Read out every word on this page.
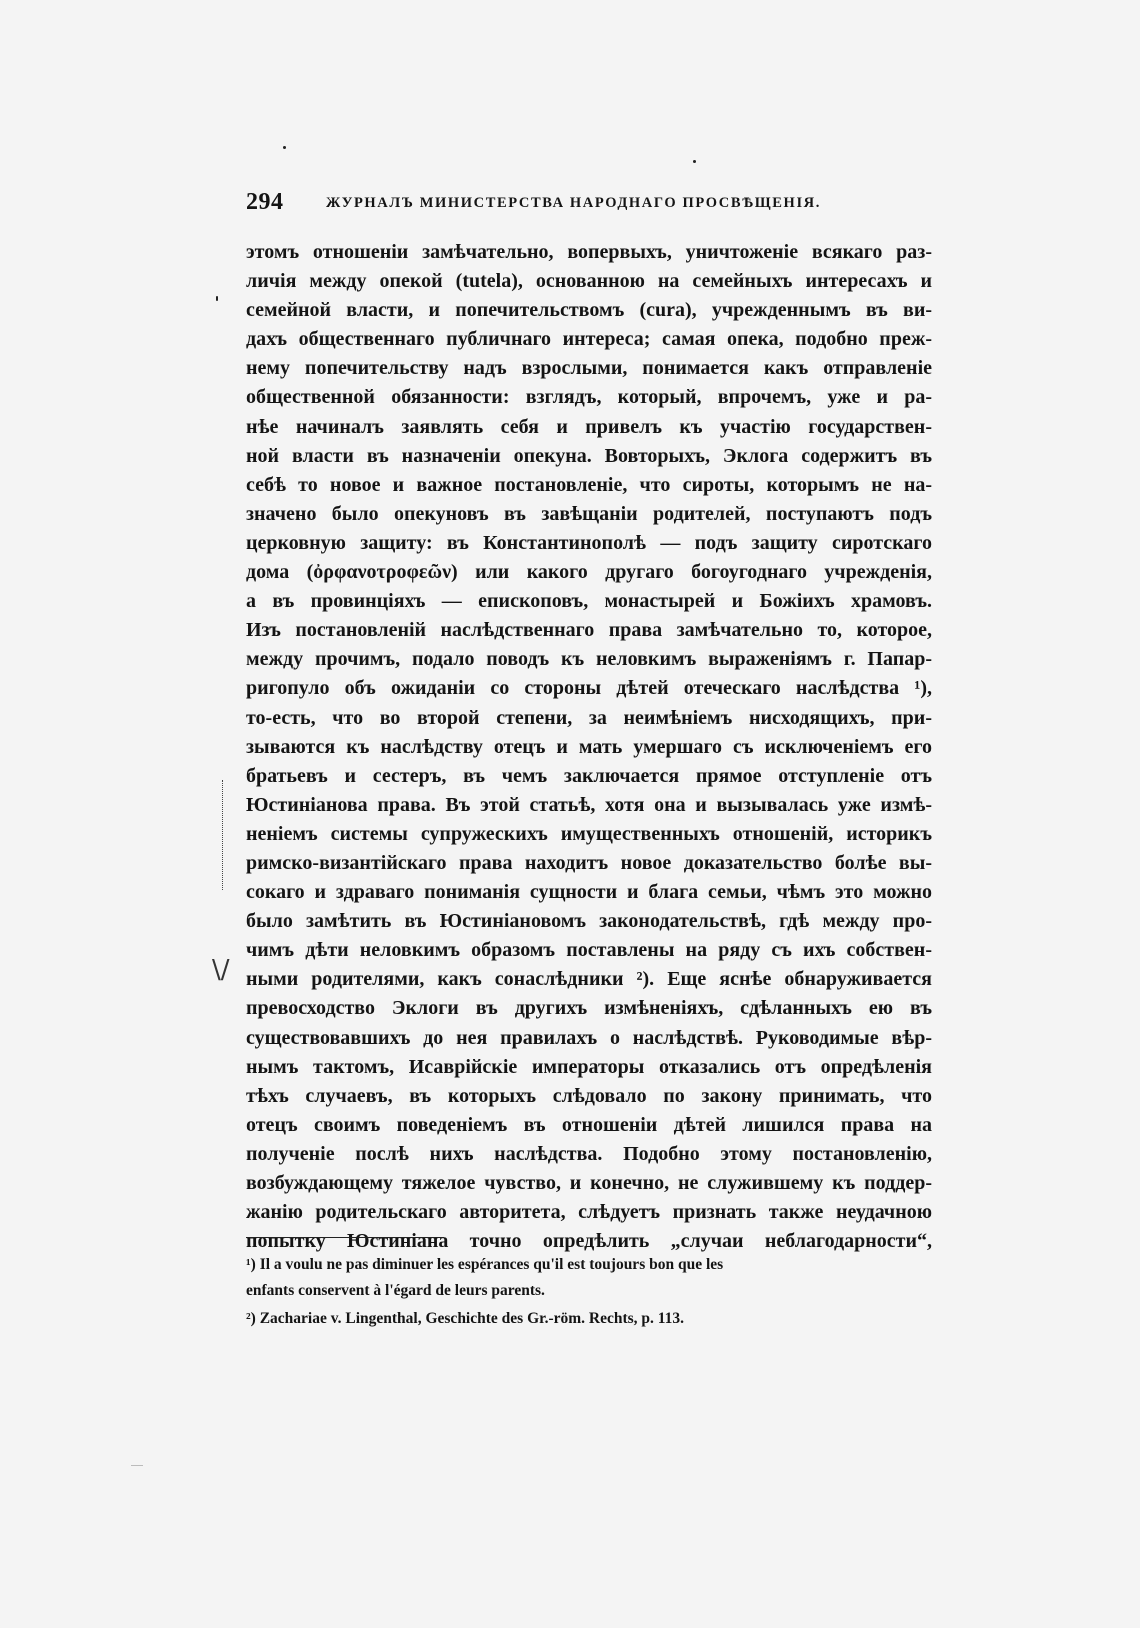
294	ЖУРНАЛЪ МИНИСТЕРСТВА НАРОДНАГО ПРОСВѢЩЕНІЯ.
этомъ отношеніи замѣчательно, вопервыхъ, уничтоженіе всякаго раз-
личія между опекой (tutela), основанною на семейныхъ интересахъ и
семейной власти, и попечительствомъ (cura), учрежденнымъ въ ви-
дахъ общественнаго публичнаго интереса; самая опека, подобно преж-
нему попечительству надъ взрослыми, понимается какъ отправленіе
общественной обязанности: взглядъ, который, впрочемъ, уже и ра-
нѣе начиналъ заявлять себя и привелъ къ участію государствен-
ной власти въ назначеніи опекуна. Вовторыхъ, Эклога содержитъ въ
себѣ то новое и важное постановленіе, что сироты, которымъ не на-
значено было опекуновъ въ завѣщаніи родителей, поступаютъ подъ
церковную защиту: въ Константинополѣ — подъ защиту сиротскаго
дома (ὀρφανοτροφεῶν) или какого другаго богоугоднаго учрежденія,
а въ провинціяхъ — епископовъ, монастырей и Божіихъ храмовъ.
Изъ постановленій наслѣдственнаго права замѣчательно то, которое,
между прочимъ, подало поводъ къ неловкимъ выраженіямъ г. Папар-
ригопуло объ ожиданіи со стороны дѣтей отеческаго наслѣдства ¹),
то-есть, что во второй степени, за неимѣніемъ нисходящихъ, при-
зываются къ наслѣдству отецъ и мать умершаго съ исключеніемъ его
братьевъ и сестеръ, въ чемъ заключается прямое отступленіе отъ
Юстиніанова права. Въ этой статьѣ, хотя она и вызывалась уже измѣ-
неніемъ системы супружескихъ имущественныхъ отношеній, историкъ
римско-византійскаго права находитъ новое доказательство болѣе вы-
сокаго и здраваго пониманія сущности и блага семьи, чѣмъ это можно
было замѣтить въ Юстиніановомъ законодательствѣ, гдѣ между про-
чимъ дѣти неловкимъ образомъ поставлены на ряду съ ихъ собствен-
ными родителями, какъ сонаслѣдники ²). Еще яснѣе обнаруживается
превосходство Эклоги въ другихъ измѣненіяхъ, сдѣланныхъ ею въ
существовавшихъ до нея правилахъ о наслѣдствѣ. Руководимые вѣр-
нымъ тактомъ, Исаврійскіе императоры отказались отъ опредѣленія
тѣхъ случаевъ, въ которыхъ слѣдовало по закону принимать, что
отецъ своимъ поведеніемъ въ отношеніи дѣтей лишился права на
полученіе послѣ нихъ наслѣдства. Подобно этому постановленію,
возбуждающему тяжелое чувство, и конечно, не служившему къ поддер-
жанію родительскаго авторитета, слѣдуетъ признать также неудачною
попытку Юстиніана точно опредѣлить „случаи неблагодарности“,
\/
¹) Il a voulu ne pas diminuer les espérances qu'il est toujours bon que les
enfants conservent à l'égard de leurs parents.
²) Zachariae v. Lingenthal, Geschichte des Gr.-röm. Rechts, p. 113.
